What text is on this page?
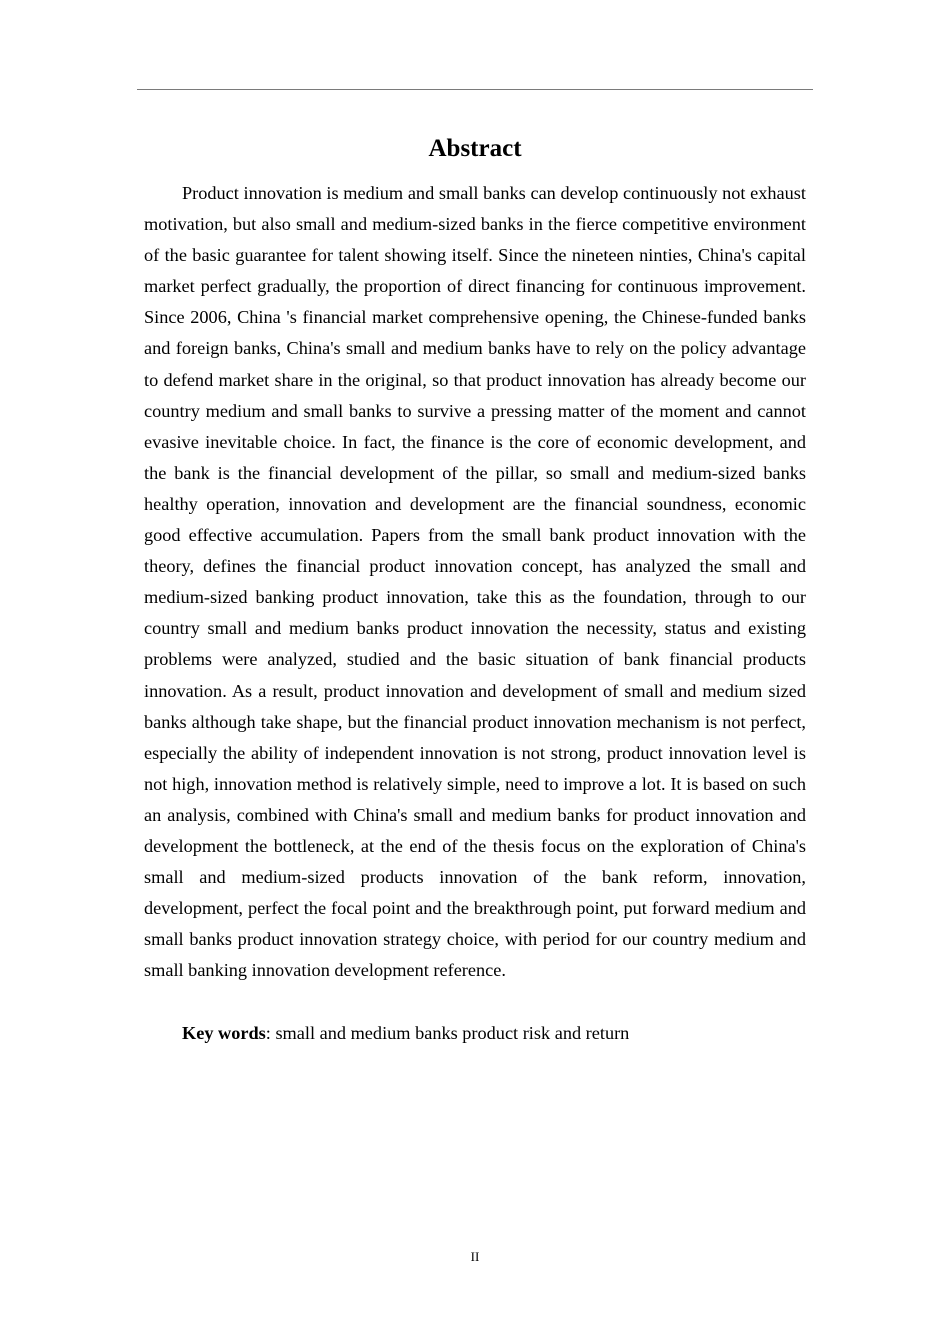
Abstract

Product innovation is medium and small banks can develop continuously not exhaust motivation, but also small and medium-sized banks in the fierce competitive environment of the basic guarantee for talent showing itself. Since the nineteen ninties, China's capital market perfect gradually, the proportion of direct financing for continuous improvement. Since 2006, China 's financial market comprehensive opening, the Chinese-funded banks and foreign banks, China's small and medium banks have to rely on the policy advantage to defend market share in the original, so that product innovation has already become our country medium and small banks to survive a pressing matter of the moment and cannot evasive inevitable choice. In fact, the finance is the core of economic development, and the bank is the financial development of the pillar, so small and medium-sized banks healthy operation, innovation and development are the financial soundness, economic good effective accumulation. Papers from the small bank product innovation with the theory, defines the financial product innovation concept, has analyzed the small and medium-sized banking product innovation, take this as the foundation, through to our country small and medium banks product innovation the necessity, status and existing problems were analyzed, studied and the basic situation of bank financial products innovation. As a result, product innovation and development of small and medium sized banks although take shape, but the financial product innovation mechanism is not perfect, especially the ability of independent innovation is not strong, product innovation level is not high, innovation method is relatively simple, need to improve a lot. It is based on such an analysis, combined with China's small and medium banks for product innovation and development the bottleneck, at the end of the thesis focus on the exploration of China's small and medium-sized products innovation of the bank reform, innovation, development, perfect the focal point and the breakthrough point, put forward medium and small banks product innovation strategy choice, with period for our country medium and small banking innovation development reference.

Key words: small and medium banks product risk and return

II
